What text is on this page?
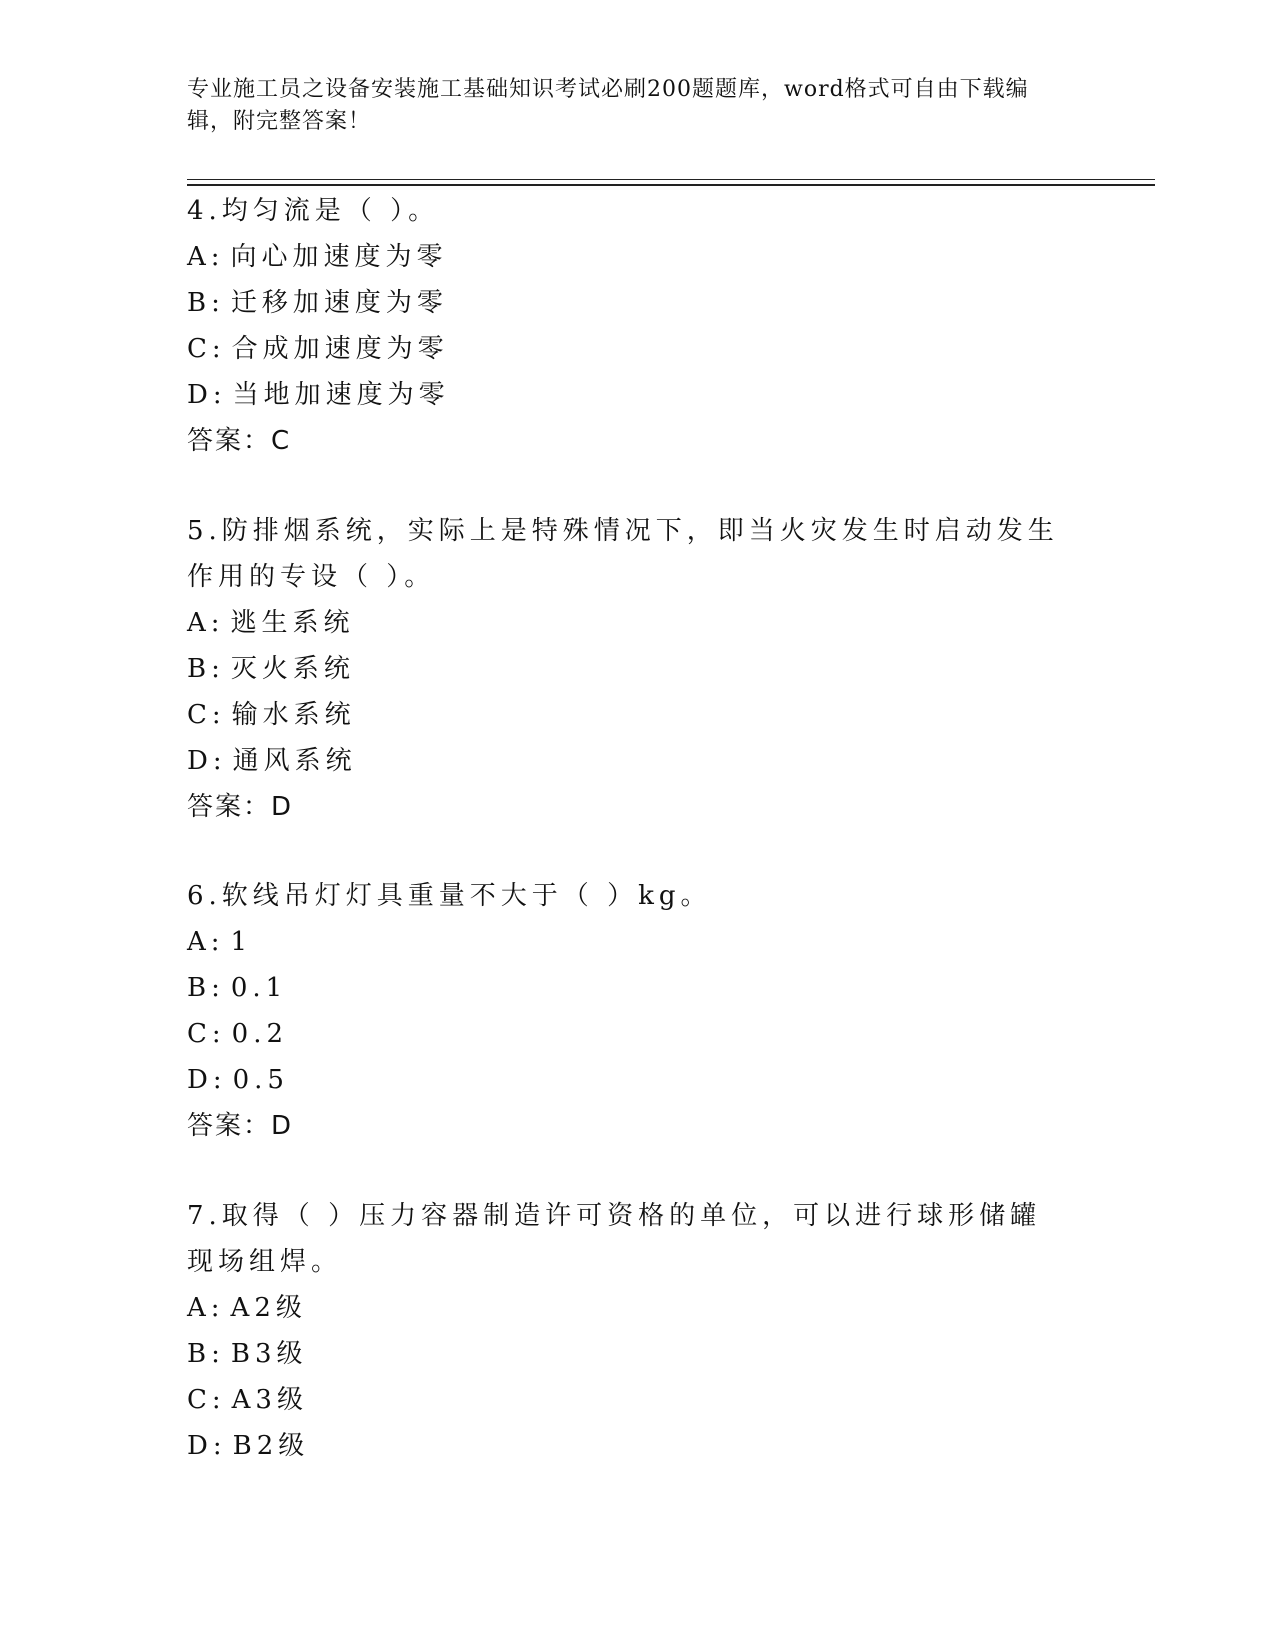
专业施工员之设备安装施工基础知识考试必刷200题题库，word格式可自由下载编辑，附完整答案！
4.均匀流是（ ）。
A: 向心加速度为零
B: 迁移加速度为零
C: 合成加速度为零
D: 当地加速度为零
答案：C
5.防排烟系统，实际上是特殊情况下，即当火灾发生时启动发生作用的专设（ ）。
A: 逃生系统
B: 灭火系统
C: 输水系统
D: 通风系统
答案：D
6.软线吊灯灯具重量不大于（ ）kg。
A: 1
B: 0.1
C: 0.2
D: 0.5
答案：D
7.取得（ ）压力容器制造许可资格的单位，可以进行球形储罐现场组焊。
A: A2级
B: B3级
C: A3级
D: B2级
